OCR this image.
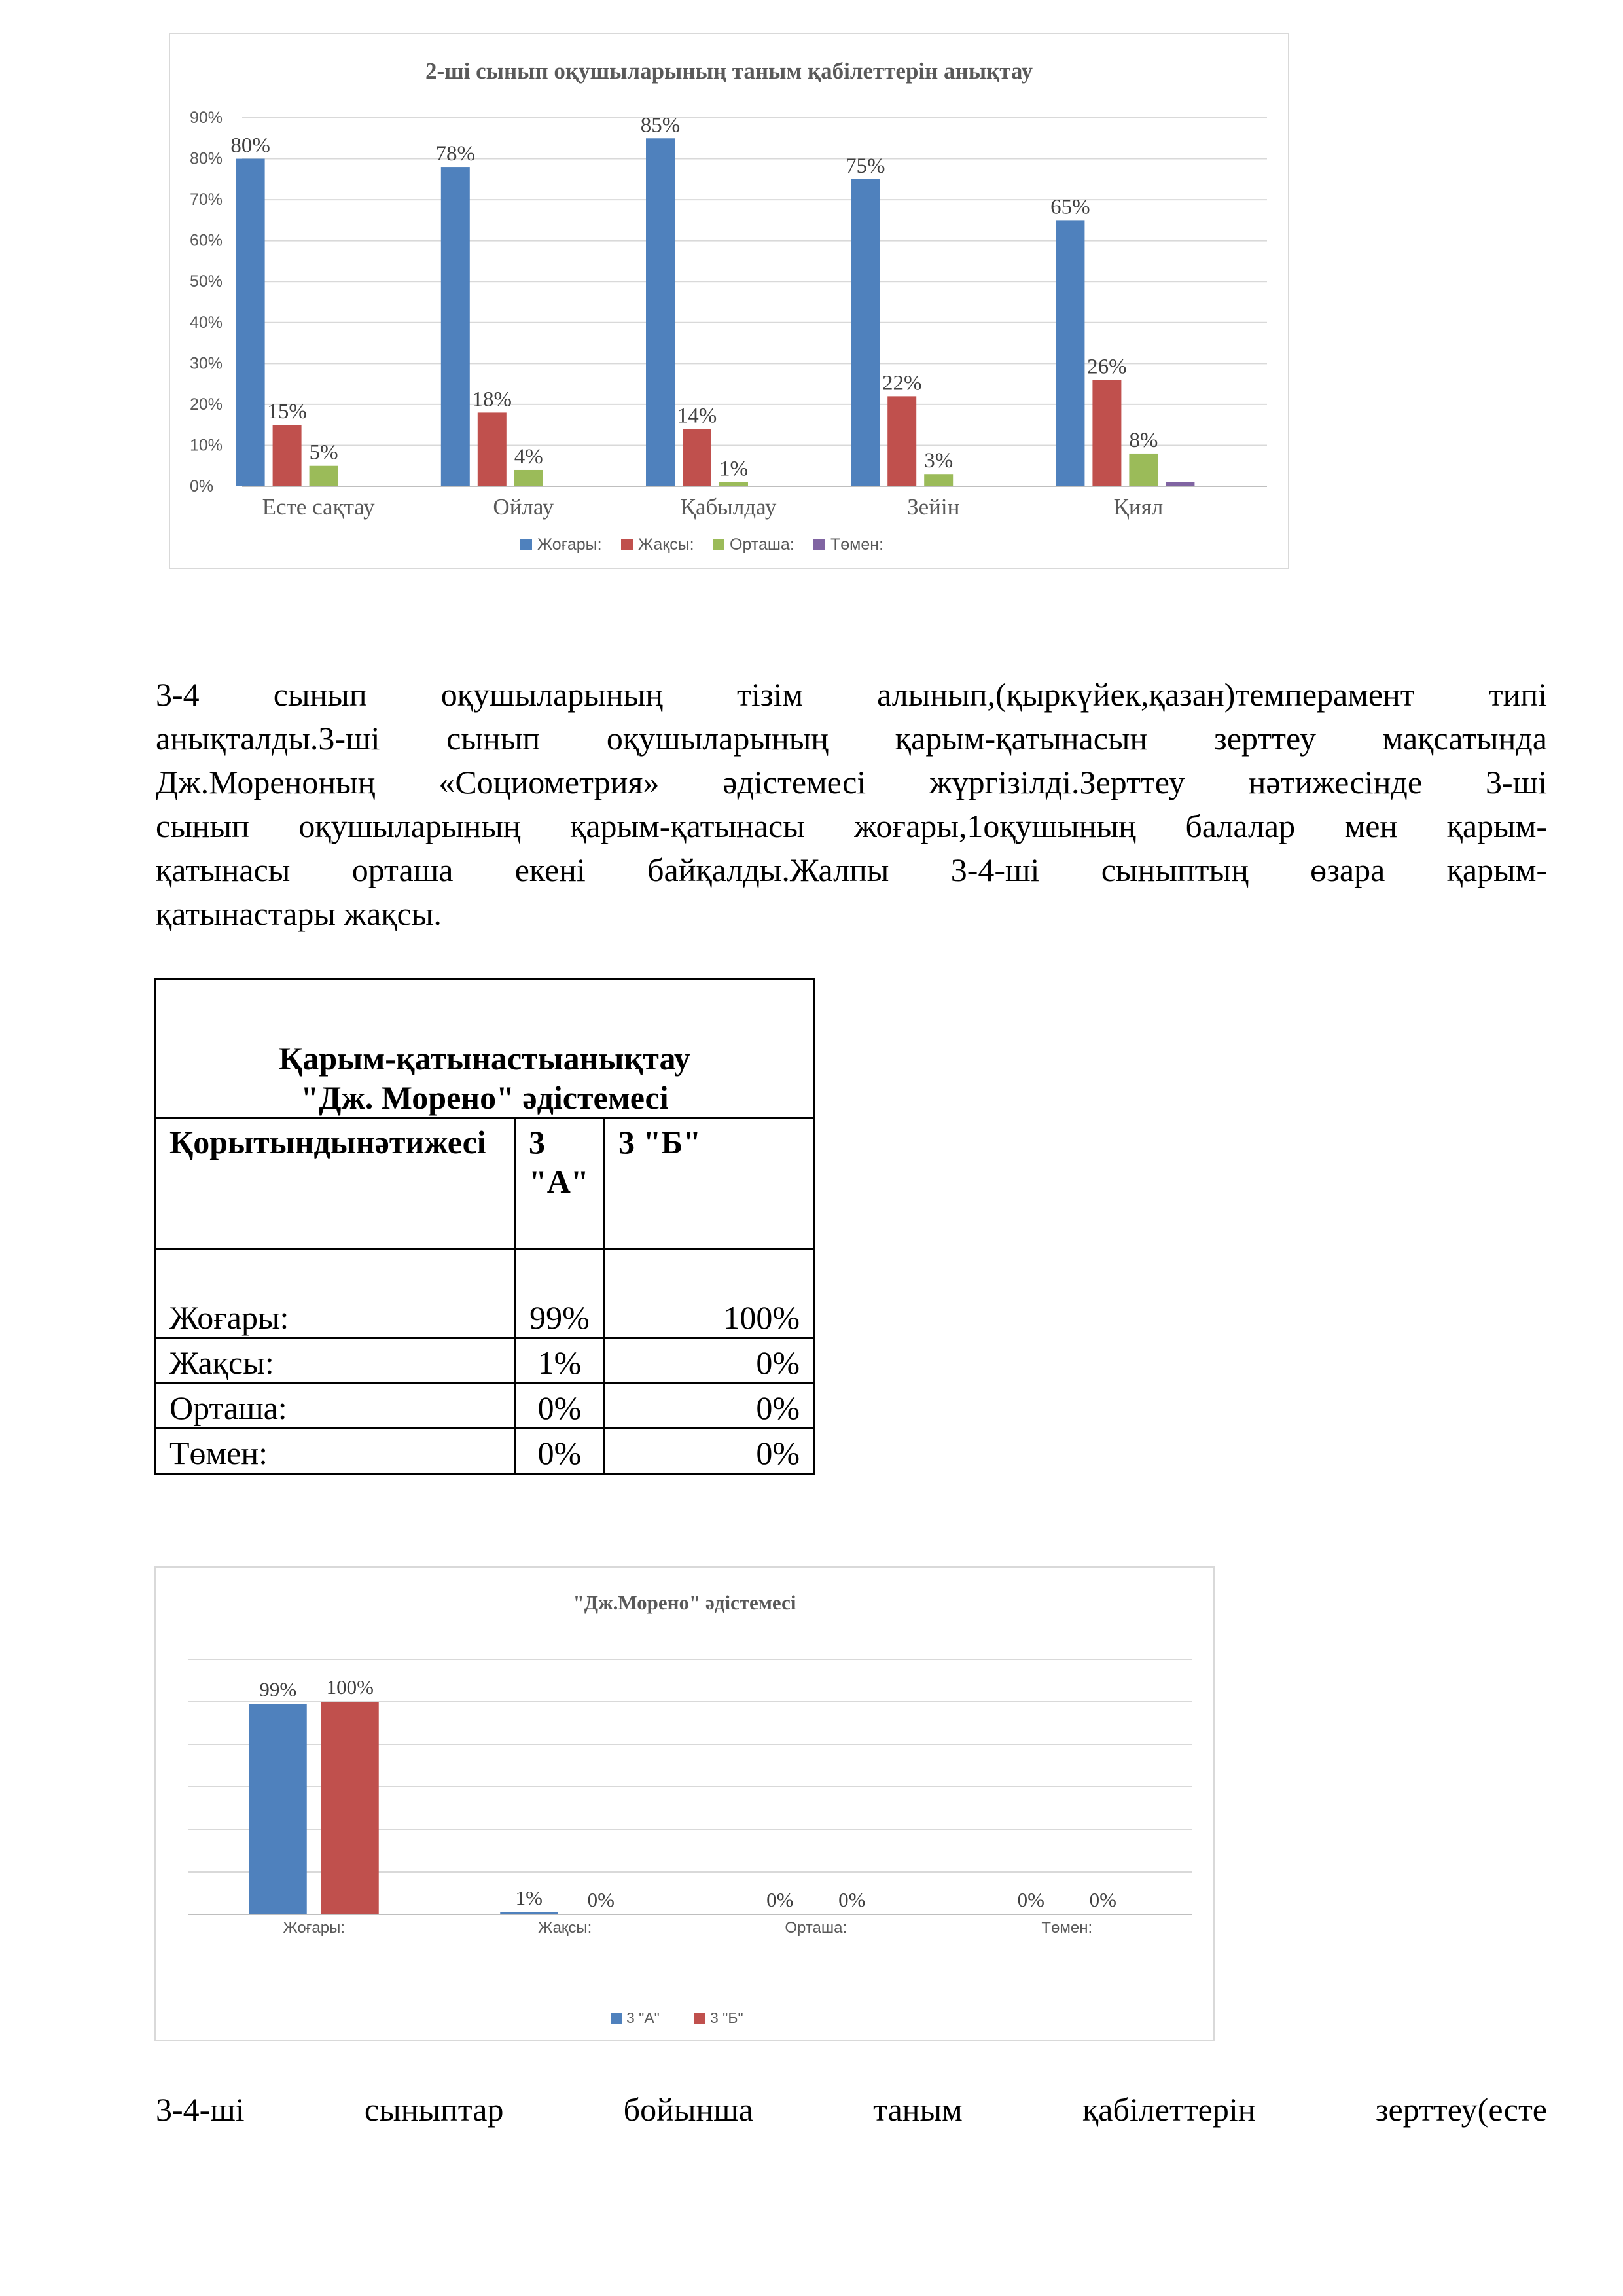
2-ші сынып оқушыларының таным қабілеттерін анықтау
0%
10%
20%
30%
40%
50%
60%
70%
80%
90%
80%
15%
5%
Есте сақтау
78%
18%
4%
Ойлау
85%
14%
1%
Қабылдау
75%
22%
3%
Зейін
65%
26%
8%
Қиял
Жоғары: Жақсы: Орташа: Төмен:
3-4 сынып оқушыларының тізім алынып,(қыркүйек,қазан)темперамент типі
анықталды.3-ші сынып оқушыларының қарым-қатынасын зерттеу мақсатында
Дж.Мореноның «Социометрия» әдістемесі жүргізілді.Зерттеу нәтижесінде 3-ші
сынып оқушыларының қарым-қатынасы жоғары,1оқушының балалар мен қарым-
қатынасы орташа екені байқалды.Жалпы 3-4-ші сыныптың өзара қарым-
қатынастары жақсы.
Қарым-қатынастыанықтау
"Дж. Морено" әдістемесі		

Қорытындынәтижесі	3 "А"	3 "Б"
Жоғары:	99%	100%
Жақсы:	1%	0%
Орташа:	0%	0%
Төмен:	0%	0%
"Дж.Морено" әдістемесі
99% 100%
Жоғары:
1% 0%
Жақсы:
0% 0%
Орташа:
0% 0%
Төмен:
3 "А"	3 "Б"
3-4-ші сыныптар бойынша таным қабілеттерін зерттеу(есте
